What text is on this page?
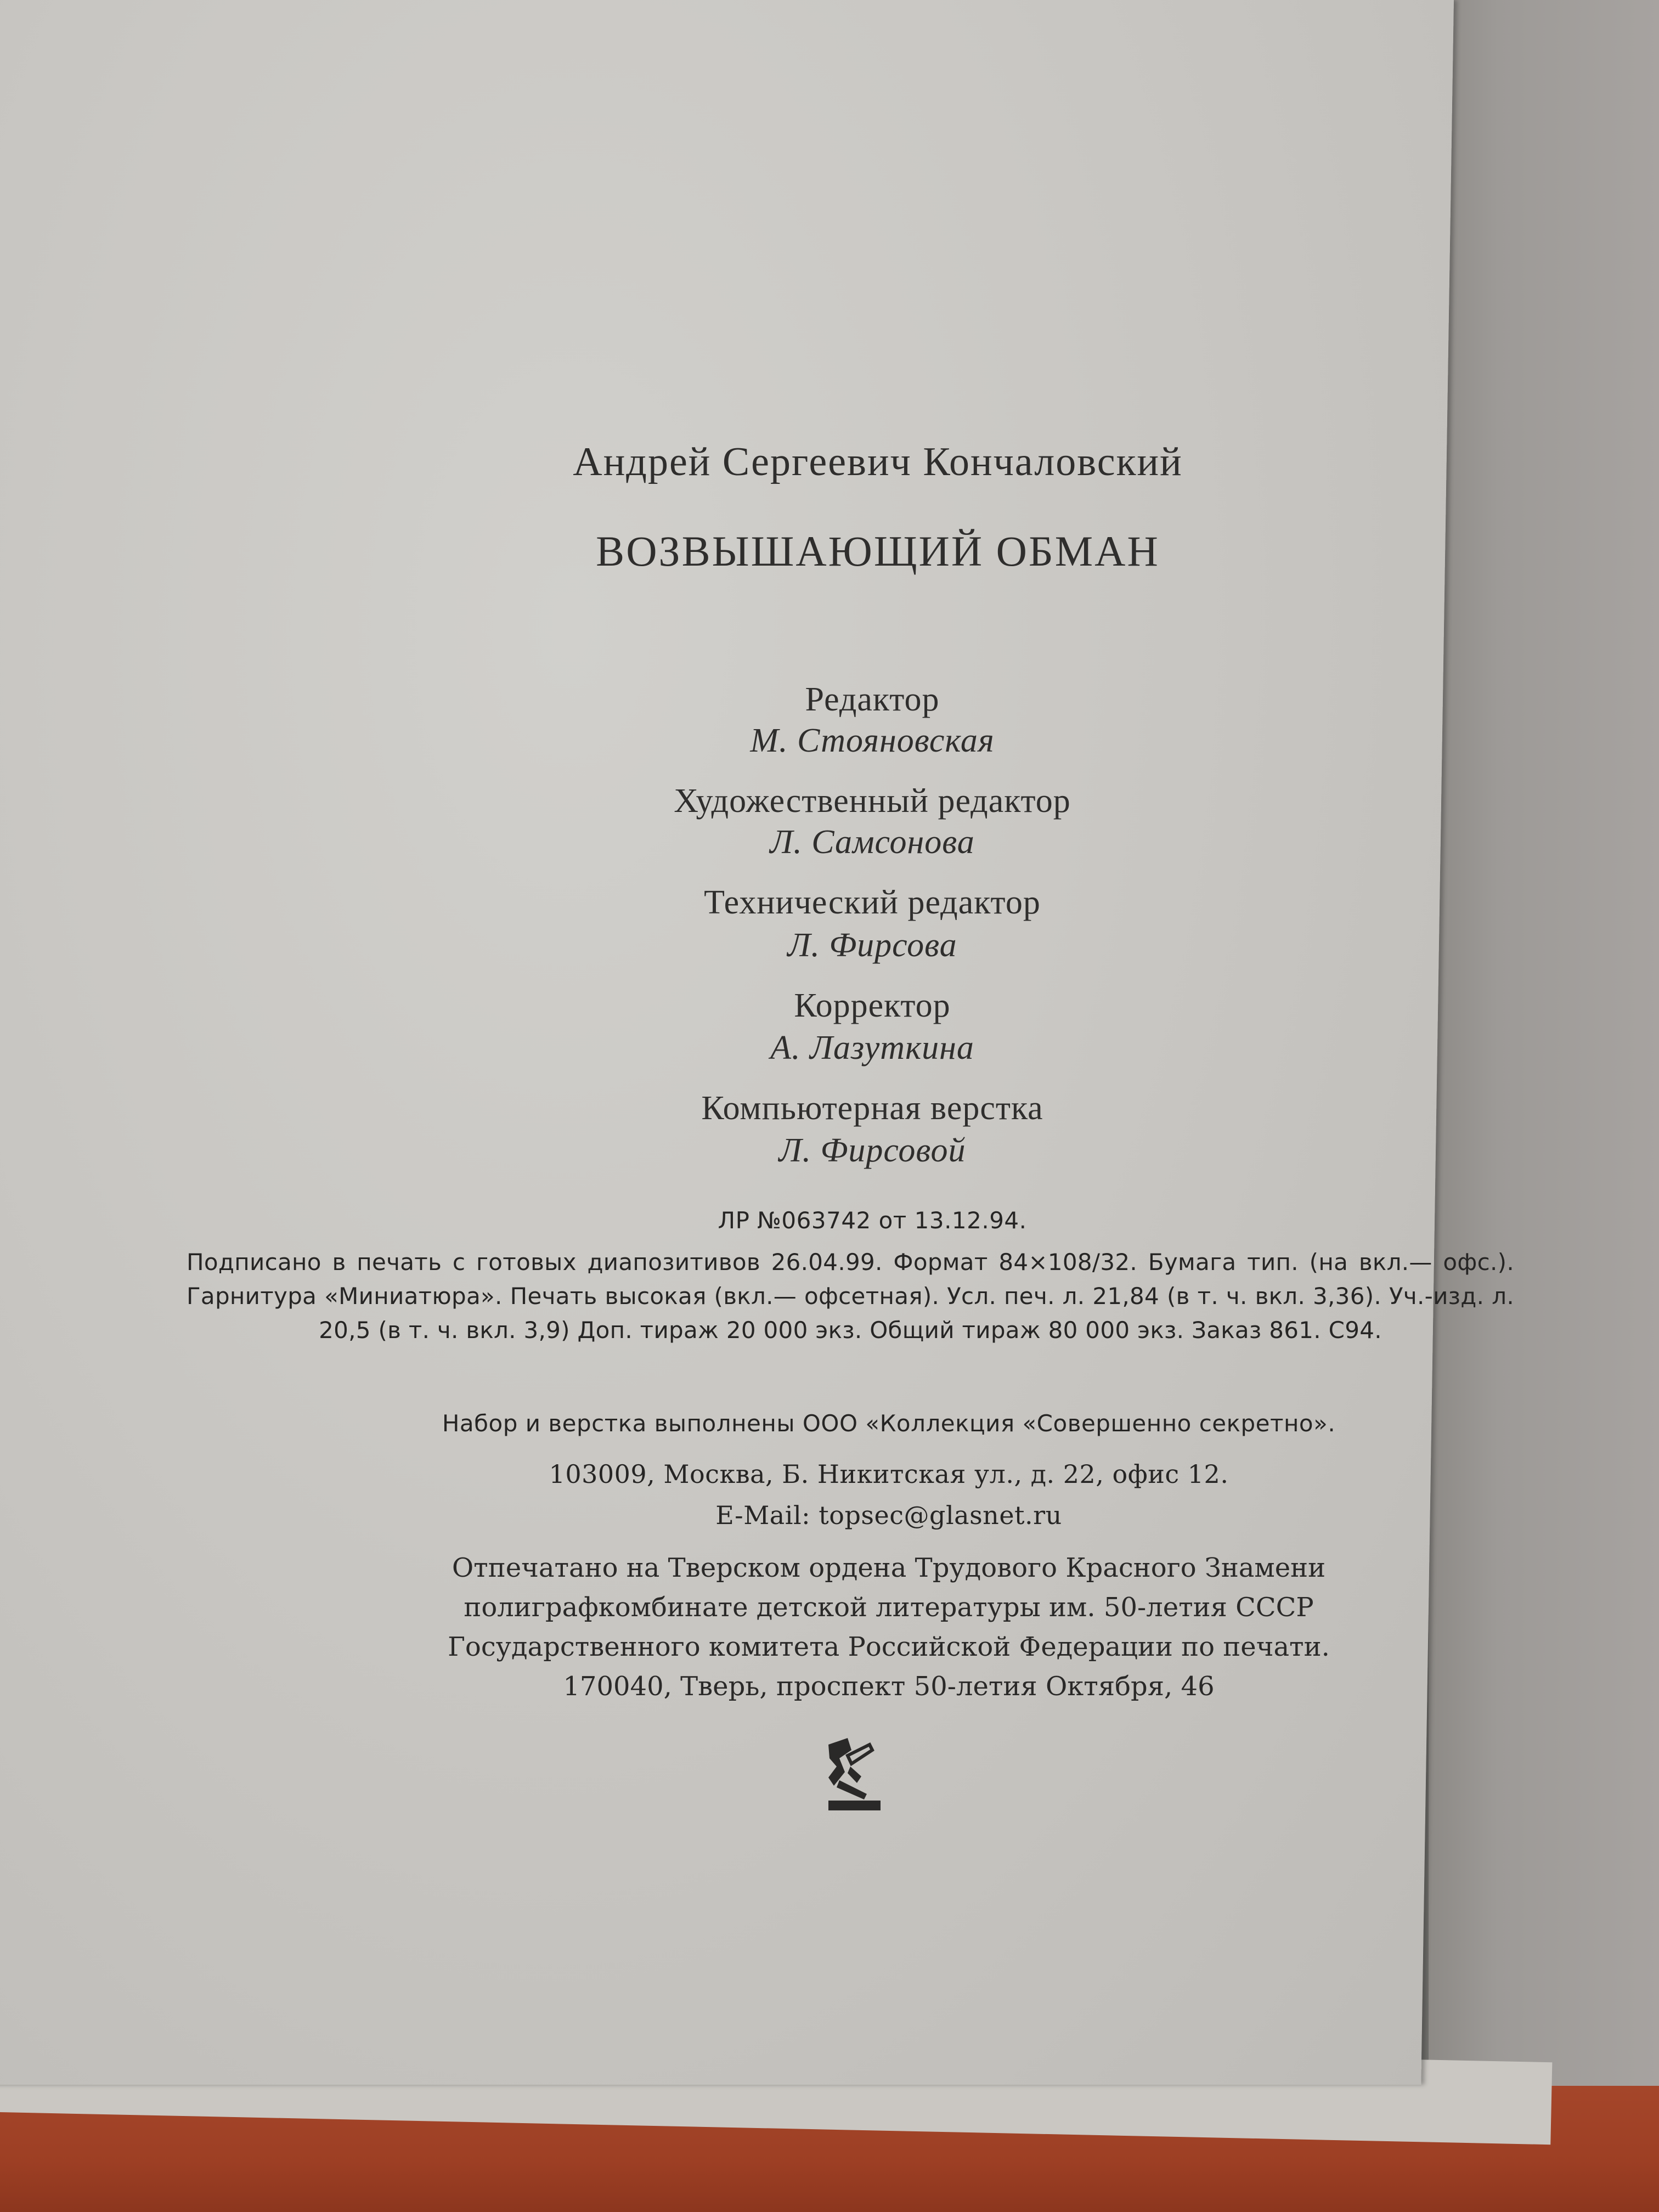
Андрей Сергеевич Кончаловский
ВОЗВЫШАЮЩИЙ ОБМАН
Редактор
М. Стояновская
Художественный редактор
Л. Самсонова
Технический редактор
Л. Фирсова
Корректор
А. Лазуткина
Компьютерная верстка
Л. Фирсовой
ЛР №063742 от 13.12.94.
Подписано в печать с готовых диапозитивов 26.04.99. Формат 84×108/32. Бумага тип. (на вкл.— офс.). Гарнитура «Миниатюра». Печать высокая (вкл.— офсетная). Усл. печ. л. 21,84 (в т. ч. вкл. 3,36). Уч.-изд. л. 20,5 (в т. ч. вкл. 3,9) Доп. тираж 20 000 экз. Общий тираж 80 000 экз. Заказ 861. С94.
Набор и верстка выполнены ООО «Коллекция «Совершенно секретно».
103009, Москва, Б. Никитская ул., д. 22, офис 12.
E-Mail: topsec@glasnet.ru
Отпечатано на Тверском ордена Трудового Красного Знамени
полиграфкомбинате детской литературы им. 50-летия СССР
Государственного комитета Российской Федерации по печати.
170040, Тверь, проспект 50-летия Октября, 46
